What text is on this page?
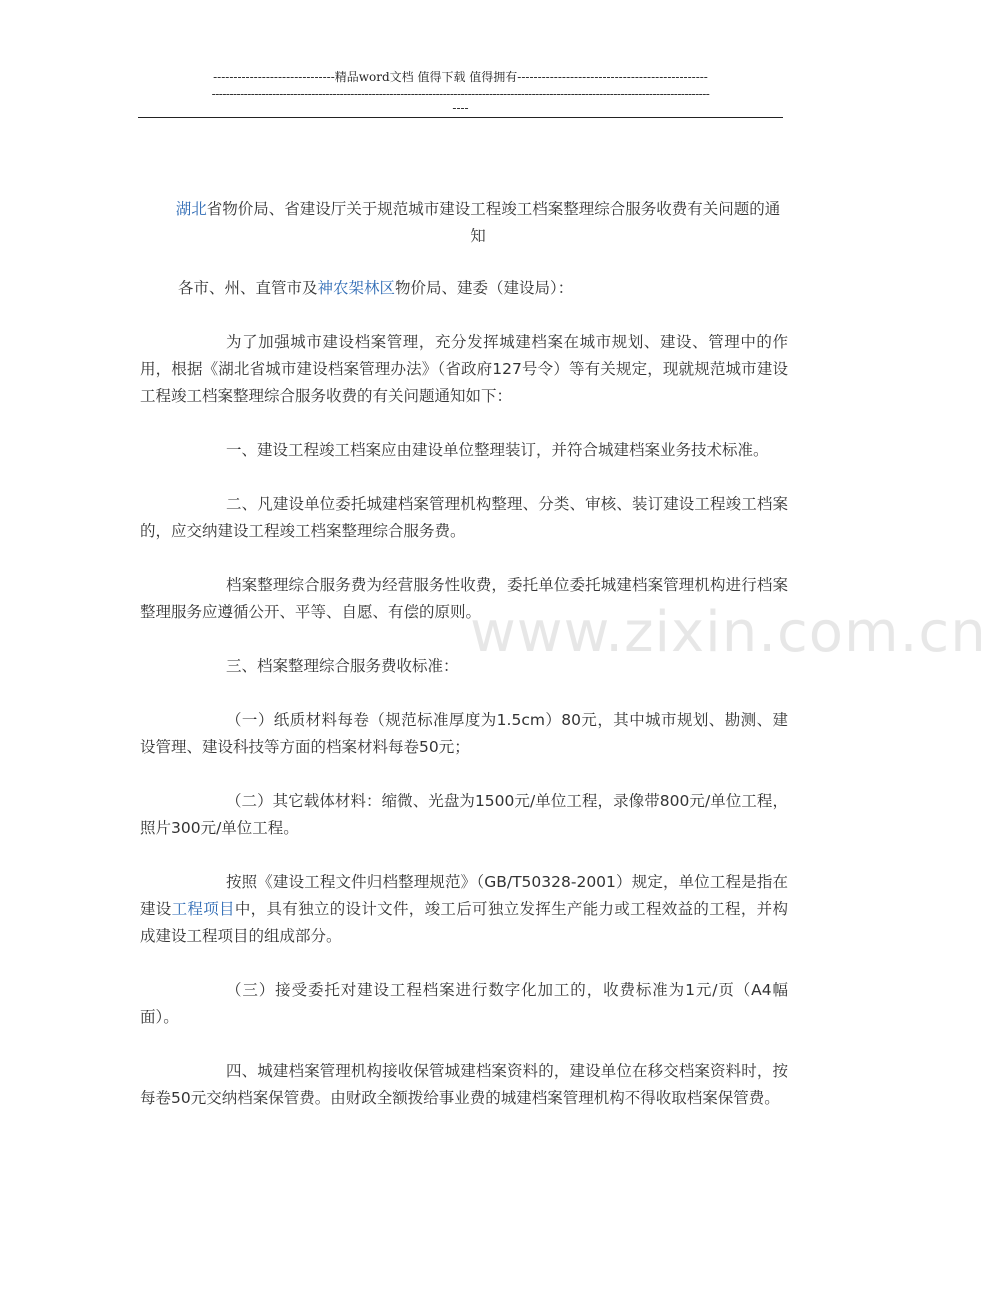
------------------------------精品word文档 值得下载 值得拥有-----------------------------------------------
--------------------------------------------------------------------------------------------------------------------------------------------
----
www.zixin.com.cn
湖北省物价局、省建设厅关于规范城市建设工程竣工档案整理综合服务收费有关问题的通知
各市、州、直管市及神农架林区物价局、建委（建设局）：
为了加强城市建设档案管理，充分发挥城建档案在城市规划、建设、管理中的作用，根据《湖北省城市建设档案管理办法》（省政府127号令）等有关规定，现就规范城市建设工程竣工档案整理综合服务收费的有关问题通知如下：
一、建设工程竣工档案应由建设单位整理装订，并符合城建档案业务技术标准。
二、凡建设单位委托城建档案管理机构整理、分类、审核、装订建设工程竣工档案的，应交纳建设工程竣工档案整理综合服务费。
档案整理综合服务费为经营服务性收费，委托单位委托城建档案管理机构进行档案整理服务应遵循公开、平等、自愿、有偿的原则。
三、档案整理综合服务费收标准：
（一）纸质材料每卷（规范标准厚度为1.5cm）80元，其中城市规划、勘测、建设管理、建设科技等方面的档案材料每卷50元；
（二）其它载体材料：缩微、光盘为1500元/单位工程，录像带800元/单位工程，照片300元/单位工程。
按照《建设工程文件归档整理规范》（GB/T50328-2001）规定，单位工程是指在建设工程项目中，具有独立的设计文件，竣工后可独立发挥生产能力或工程效益的工程，并构成建设工程项目的组成部分。
（三）接受委托对建设工程档案进行数字化加工的，收费标准为1元/页（A4幅面）。
四、城建档案管理机构接收保管城建档案资料的，建设单位在移交档案资料时，按每卷50元交纳档案保管费。由财政全额拨给事业费的城建档案管理机构不得收取档案保管费。
